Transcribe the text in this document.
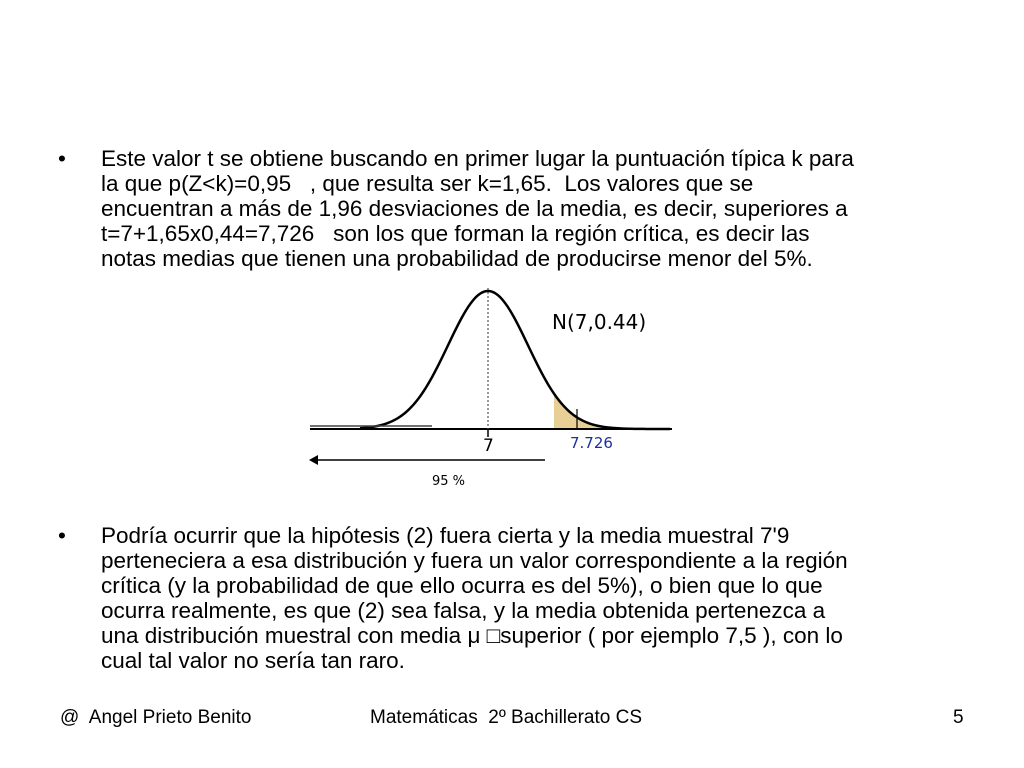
•	Este valor t se obtiene buscando en primer lugar la puntuación típica k para
la que p(Z<k)=0,95   , que resulta ser k=1,65.  Los valores que se
encuentran a más de 1,96 desviaciones de la media, es decir, superiores a
t=7+1,65x0,44=7,726   son los que forman la región crítica, es decir las
notas medias que tienen una probabilidad de producirse menor del 5%.
N(7,0.44)
7	7.726
95 %
•	Podría ocurrir que la hipótesis (2) fuera cierta y la media muestral 7'9
perteneciera a esa distribución y fuera un valor correspondiente a la región
crítica (y la probabilidad de que ello ocurra es del 5%), o bien que lo que
ocurra realmente, es que (2) sea falsa, y la media obtenida pertenezca a
una distribución muestral con media μ □superior ( por ejemplo 7,5 ), con lo
cual tal valor no sería tan raro.
@  Angel Prieto Benito	Matemáticas  2º Bachillerato CS	5
